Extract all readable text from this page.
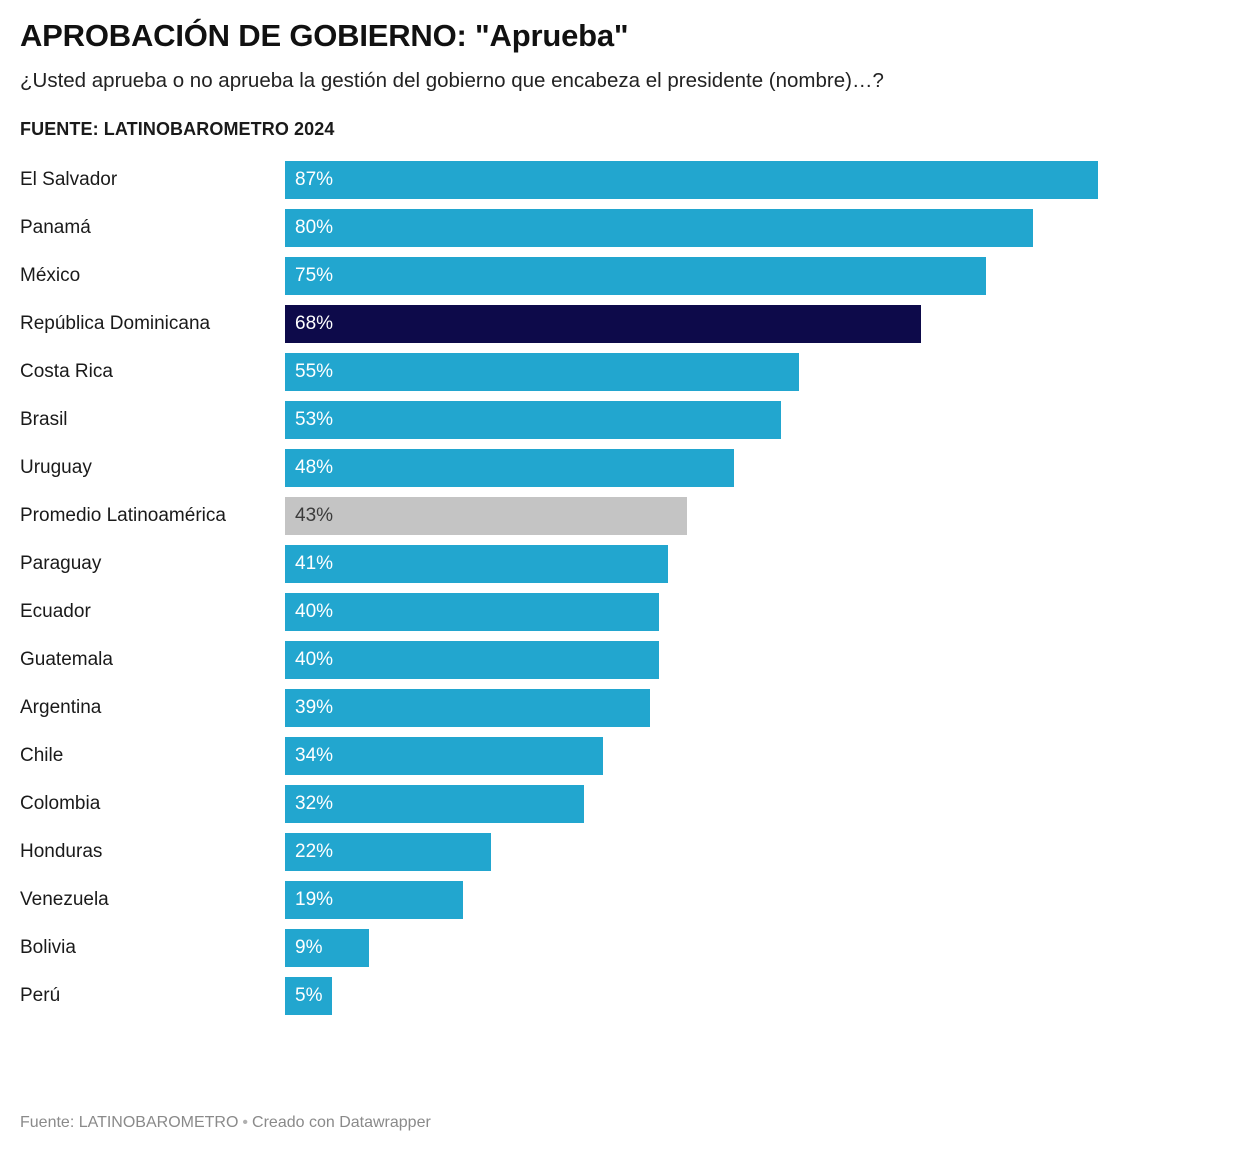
APROBACIÓN DE GOBIERNO: "Aprueba"

¿Usted aprueba o no aprueba la gestión del gobierno que encabeza el presidente (nombre)…?

FUENTE: LATINOBAROMETRO 2024

El Salvador	87%
Panamá	80%
México	75%
República Dominicana	68%
Costa Rica	55%
Brasil	53%
Uruguay	48%
Promedio Latinoamérica	43%
Paraguay	41%
Ecuador	40%
Guatemala	40%
Argentina	39%
Chile	34%
Colombia	32%
Honduras	22%
Venezuela	19%
Bolivia	9%
Perú	5%
Fuente: LATINOBAROMETRO • Creado con Datawrapper
